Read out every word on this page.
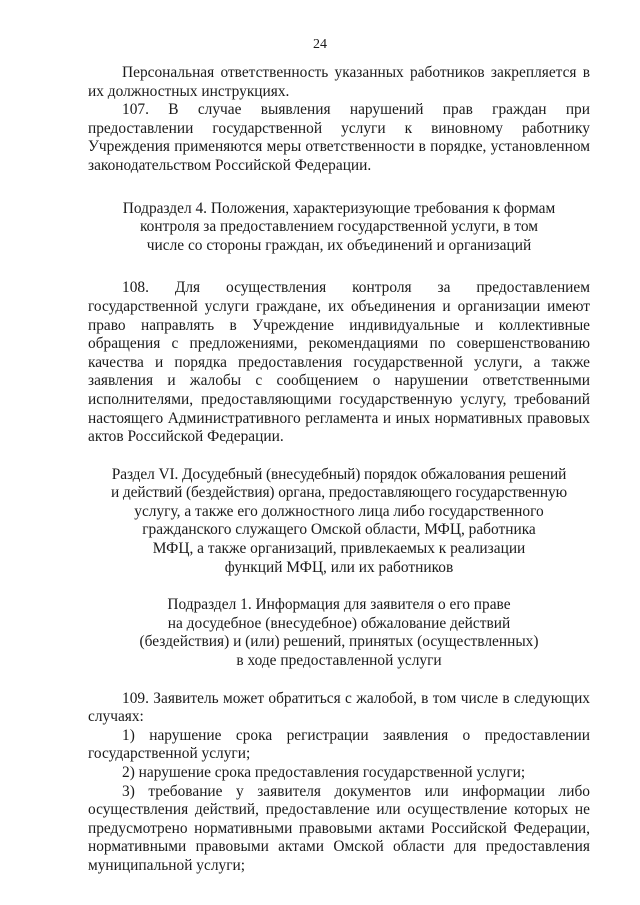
24

Персональная ответственность указанных работников закрепляется в их должностных инструкциях.

107. В случае выявления нарушений прав граждан при предоставлении государственной услуги к виновному работнику Учреждения применяются меры ответственности в порядке, установленном законодательством Российской Федерации.

Подраздел 4. Положения, характеризующие требования к формам
контроля за предоставлением государственной услуги, в том
числе со стороны граждан, их объединений и организаций

108. Для осуществления контроля за предоставлением государственной услуги граждане, их объединения и организации имеют право направлять в Учреждение индивидуальные и коллективные обращения с предложениями, рекомендациями по совершенствованию качества и порядка предоставления государственной услуги, а также заявления и жалобы с сообщением о нарушении ответственными исполнителями, предоставляющими государственную услугу, требований настоящего Административного регламента и иных нормативных правовых актов Российской Федерации.

Раздел VI. Досудебный (внесудебный) порядок обжалования решений
и действий (бездействия) органа, предоставляющего государственную
услугу, а также его должностного лица либо государственного
гражданского служащего Омской области, МФЦ, работника
МФЦ, а также организаций, привлекаемых к реализации
функций МФЦ, или их работников
Подраздел 1. Информация для заявителя о его праве
на досудебное (внесудебное) обжалование действий
(бездействия) и (или) решений, принятых (осуществленных)
в ходе предоставленной услуги

109. Заявитель может обратиться с жалобой, в том числе в следующих случаях:

1) нарушение срока регистрации заявления о предоставлении государственной услуги;

2) нарушение срока предоставления государственной услуги;

3) требование у заявителя документов или информации либо осуществления действий, предоставление или осуществление которых не предусмотрено нормативными правовыми актами Российской Федерации, нормативными правовыми актами Омской области для предоставления муниципальной услуги;
